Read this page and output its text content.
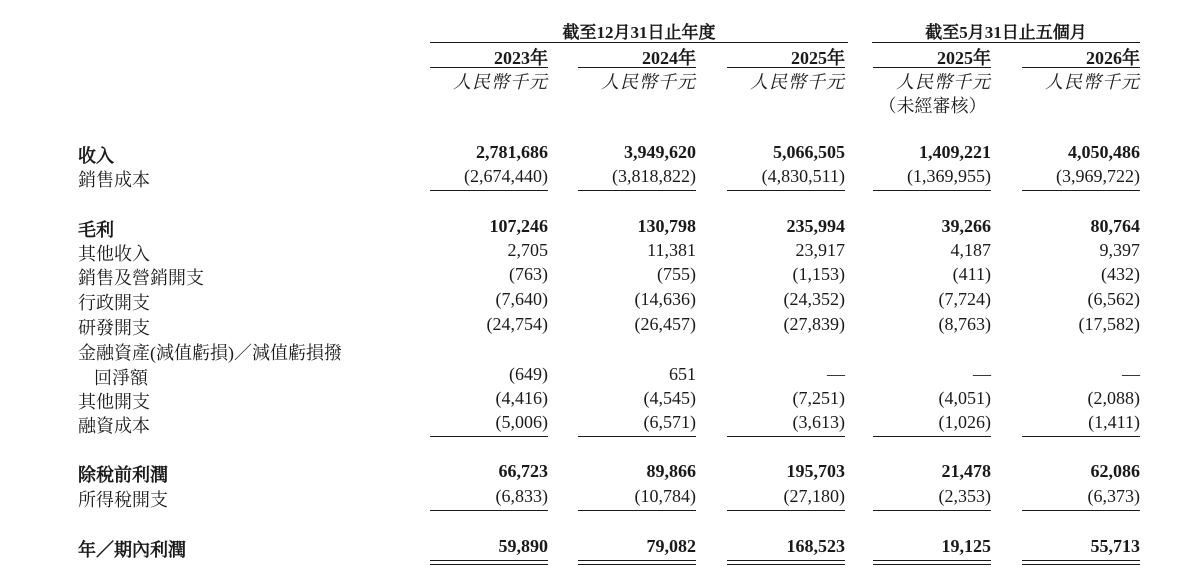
截至12月31日止年度	截至5月31日止五個月
2023年	2024年	2025年	2025年	2026年
人民幣千元	人民幣千元	人民幣千元	人民幣千元	人民幣千元
（未經審核）
收入	2,781,686	3,949,620	5,066,505	1,409,221	4,050,486
銷售成本	(2,674,440)	(3,818,822)	(4,830,511)	(1,369,955)	(3,969,722)
毛利	107,246	130,798	235,994	39,266	80,764
其他收入	2,705	11,381	23,917	4,187	9,397
銷售及營銷開支	(763)	(755)	(1,153)	(411)	(432)
行政開支	(7,640)	(14,636)	(24,352)	(7,724)	(6,562)
研發開支	(24,754)	(26,457)	(27,839)	(8,763)	(17,582)
金融資產(減值虧損)／減值虧損撥
回淨額	(649)	651	—	—	—
其他開支	(4,416)	(4,545)	(7,251)	(4,051)	(2,088)
融資成本	(5,006)	(6,571)	(3,613)	(1,026)	(1,411)
除稅前利潤	66,723	89,866	195,703	21,478	62,086
所得稅開支	(6,833)	(10,784)	(27,180)	(2,353)	(6,373)
年／期內利潤	59,890	79,082	168,523	19,125	55,713
